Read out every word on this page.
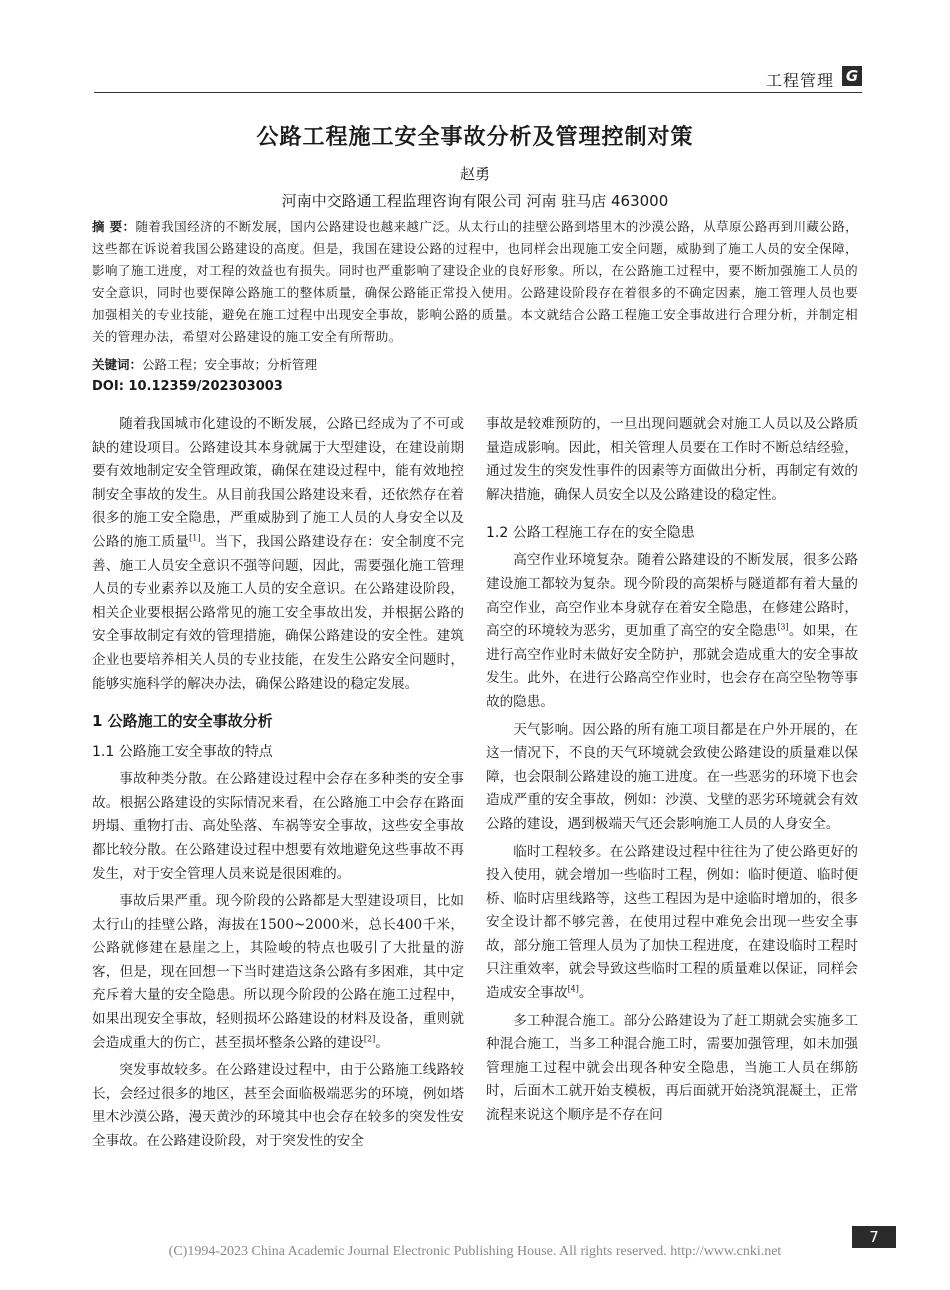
工程管理 G
公路工程施工安全事故分析及管理控制对策
赵勇
河南中交路通工程监理咨询有限公司 河南 驻马店 463000
摘 要：随着我国经济的不断发展，国内公路建设也越来越广泛。从太行山的挂壁公路到塔里木的沙漠公路，从草原公路再到川藏公路，这些都在诉说着我国公路建设的高度。但是，我国在建设公路的过程中，也同样会出现施工安全问题，威胁到了施工人员的安全保障，影响了施工进度，对工程的效益也有损失。同时也严重影响了建设企业的良好形象。所以，在公路施工过程中，要不断加强施工人员的安全意识，同时也要保障公路施工的整体质量，确保公路能正常投入使用。公路建设阶段存在着很多的不确定因素，施工管理人员也要加强相关的专业技能，避免在施工过程中出现安全事故，影响公路的质量。本文就结合公路工程施工安全事故进行合理分析，并制定相关的管理办法，希望对公路建设的施工安全有所帮助。
关键词：公路工程；安全事故；分析管理
DOI: 10.12359/202303003

随着我国城市化建设的不断发展，公路已经成为了不可或缺的建设项目。公路建设其本身就属于大型建设，在建设前期要有效地制定安全管理政策，确保在建设过程中，能有效地控制安全事故的发生。从目前我国公路建设来看，还依然存在着很多的施工安全隐患，严重威胁到了施工人员的人身安全以及公路的施工质量[1]。当下，我国公路建设存在：安全制度不完善、施工人员安全意识不强等问题，因此，需要强化施工管理人员的专业素养以及施工人员的安全意识。在公路建设阶段，相关企业要根据公路常见的施工安全事故出发，并根据公路的安全事故制定有效的管理措施，确保公路建设的安全性。建筑企业也要培养相关人员的专业技能，在发生公路安全问题时，能够实施科学的解决办法，确保公路建设的稳定发展。

1 公路施工的安全事故分析
1.1 公路施工安全事故的特点

事故种类分散。在公路建设过程中会存在多种类的安全事故。根据公路建设的实际情况来看，在公路施工中会存在路面坍塌、重物打击、高处坠落、车祸等安全事故，这些安全事故都比较分散。在公路建设过程中想要有效地避免这些事故不再发生，对于安全管理人员来说是很困难的。

事故后果严重。现今阶段的公路都是大型建设项目，比如太行山的挂壁公路，海拔在1500~2000米，总长400千米，公路就修建在悬崖之上，其险峻的特点也吸引了大批量的游客，但是，现在回想一下当时建造这条公路有多困难，其中定充斥着大量的安全隐患。所以现今阶段的公路在施工过程中，如果出现安全事故，轻则损坏公路建设的材料及设备，重则就会造成重大的伤亡，甚至损坏整条公路的建设[2]。

突发事故较多。在公路建设过程中，由于公路施工线路较长，会经过很多的地区，甚至会面临极端恶劣的环境，例如塔里木沙漠公路，漫天黄沙的环境其中也会存在较多的突发性安全事故。在公路建设阶段，对于突发性的安全

事故是较难预防的，一旦出现问题就会对施工人员以及公路质量造成影响。因此，相关管理人员要在工作时不断总结经验，通过发生的突发性事件的因素等方面做出分析，再制定有效的解决措施，确保人员安全以及公路建设的稳定性。

1.2 公路工程施工存在的安全隐患

高空作业环境复杂。随着公路建设的不断发展，很多公路建设施工都较为复杂。现今阶段的高架桥与隧道都有着大量的高空作业，高空作业本身就存在着安全隐患，在修建公路时，高空的环境较为恶劣，更加重了高空的安全隐患[3]。如果，在进行高空作业时未做好安全防护，那就会造成重大的安全事故发生。此外，在进行公路高空作业时，也会存在高空坠物等事故的隐患。

天气影响。因公路的所有施工项目都是在户外开展的，在这一情况下，不良的天气环境就会致使公路建设的质量难以保障，也会限制公路建设的施工进度。在一些恶劣的环境下也会造成严重的安全事故，例如：沙漠、戈壁的恶劣环境就会有效公路的建设，遇到极端天气还会影响施工人员的人身安全。

临时工程较多。在公路建设过程中往往为了使公路更好的投入使用，就会增加一些临时工程，例如：临时便道、临时便桥、临时店里线路等，这些工程因为是中途临时增加的，很多安全设计都不够完善，在使用过程中难免会出现一些安全事故，部分施工管理人员为了加快工程进度，在建设临时工程时只注重效率，就会导致这些临时工程的质量难以保证，同样会造成安全事故[4]。

多工种混合施工。部分公路建设为了赶工期就会实施多工种混合施工，当多工种混合施工时，需要加强管理，如未加强管理施工过程中就会出现各种安全隐患，当施工人员在绑筋时，后面木工就开始支模板，再后面就开始浇筑混凝土，正常流程来说这个顺序是不存在问

7
(C)1994-2023 China Academic Journal Electronic Publishing House. All rights reserved. http://www.cnki.net
